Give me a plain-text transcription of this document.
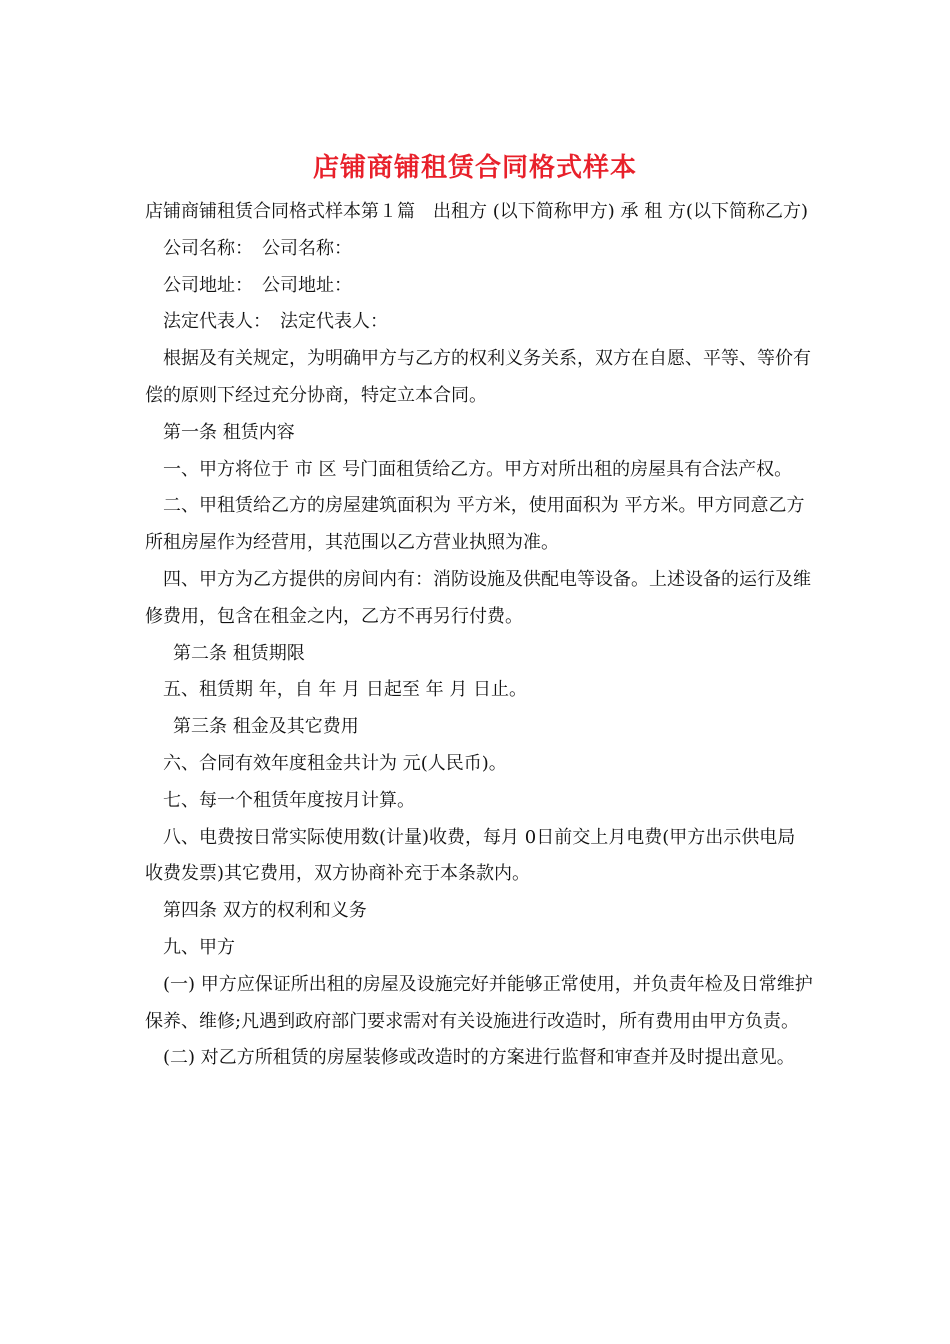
店铺商铺租赁合同格式样本

店铺商铺租赁合同格式样本第１篇　出租方 (以下简称甲方) 承 租 方(以下简称乙方)

公司名称：　公司名称：

公司地址：　公司地址：

法定代表人：　法定代表人：

根据及有关规定，为明确甲方与乙方的权利义务关系，双方在自愿、平等、等价有偿的原则下经过充分协商，特定立本合同。

第一条 租赁内容

一、甲方将位于 市 区 号门面租赁给乙方。甲方对所出租的房屋具有合法产权。

二、甲租赁给乙方的房屋建筑面积为 平方米，使用面积为 平方米。甲方同意乙方所租房屋作为经营用，其范围以乙方营业执照为准。

四、甲方为乙方提供的房间内有：消防设施及供配电等设备。上述设备的运行及维修费用，包含在租金之内，乙方不再另行付费。

第二条 租赁期限

五、租赁期 年，自 年 月 日起至 年 月 日止。

第三条 租金及其它费用

六、合同有效年度租金共计为 元(人民币)。

七、每一个租赁年度按月计算。

八、电费按日常实际使用数(计量)收费，每月 0日前交上月电费(甲方出示供电局收费发票)其它费用，双方协商补充于本条款内。

第四条 双方的权利和义务

九、甲方

(一) 甲方应保证所出租的房屋及设施完好并能够正常使用，并负责年检及日常维护保养、维修;凡遇到政府部门要求需对有关设施进行改造时，所有费用由甲方负责。

(二) 对乙方所租赁的房屋装修或改造时的方案进行监督和审查并及时提出意见。
